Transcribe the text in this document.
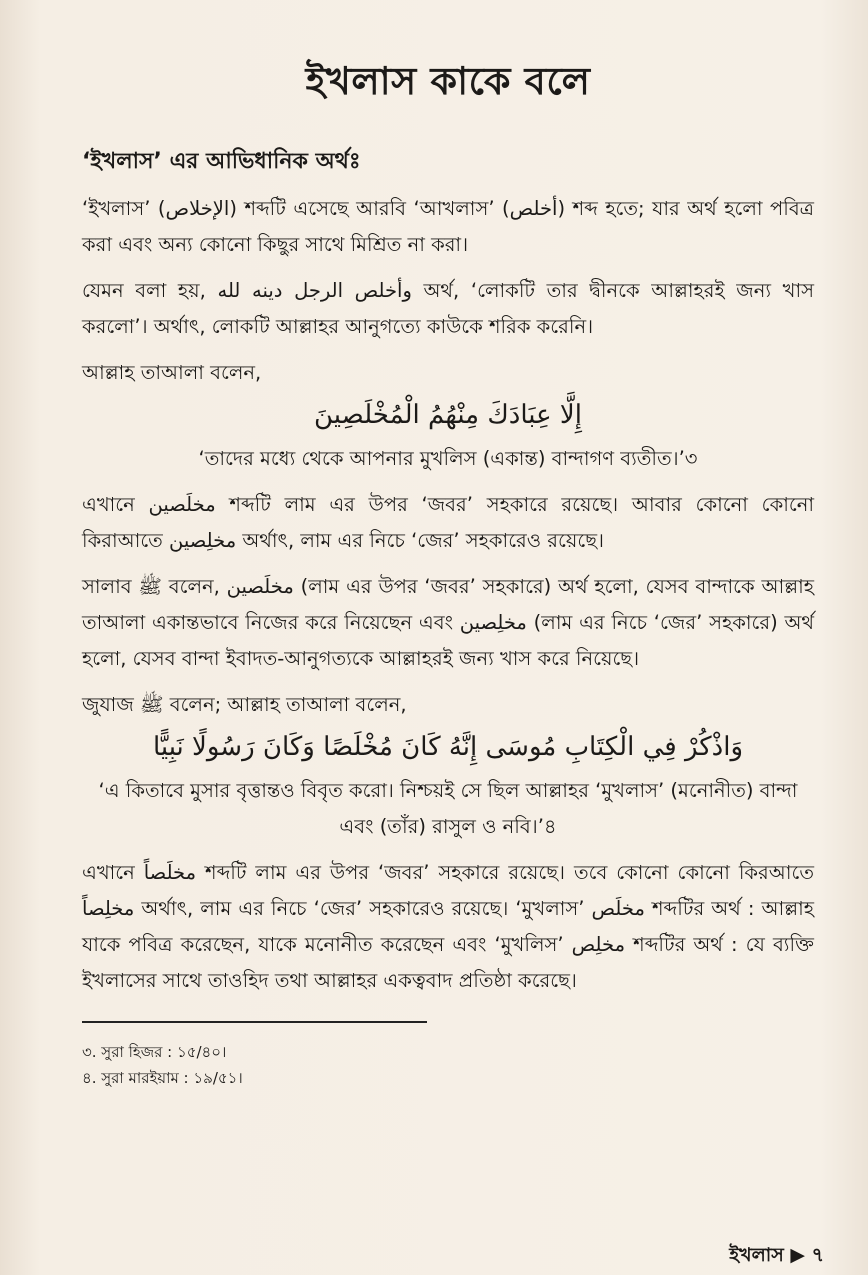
ইখলাস কাকে বলে
‘ইখলাস’ এর আভিধানিক অর্থঃ

‘ইখলাস’ (الإخلاص) শব্দটি এসেছে আরবি ‘আখলাস’ (أخلص) শব্দ হতে; যার অর্থ হলো পবিত্র করা এবং অন্য কোনো কিছুর সাথে মিশ্রিত না করা।

যেমন বলা হয়, وأخلص الرجل دينه لله অর্থ, ‘লোকটি তার দ্বীনকে আল্লাহরই জন্য খাস করলো’। অর্থাৎ, লোকটি আল্লাহর আনুগত্যে কাউকে শরিক করেনি।

আল্লাহ তাআলা বলেন,

إِلَّا عِبَادَكَ مِنْهُمُ الْمُخْلَصِينَ

‘তাদের মধ্যে থেকে আপনার মুখলিস (একান্ত) বান্দাগণ ব্যতীত।’৩

এখানে مخلَصين শব্দটি লাম এর উপর ‘জবর’ সহকারে রয়েছে। আবার কোনো কোনো কিরাআতে مخلِصين অর্থাৎ, লাম এর নিচে ‘জের’ সহকারেও রয়েছে।

সালাব ﷺ বলেন, مخلَصين (লাম এর উপর ‘জবর’ সহকারে) অর্থ হলো, যেসব বান্দাকে আল্লাহ তাআলা একান্তভাবে নিজের করে নিয়েছেন এবং مخلِصين (লাম এর নিচে ‘জের’ সহকারে) অর্থ হলো, যেসব বান্দা ইবাদত-আনুগত্যকে আল্লাহরই জন্য খাস করে নিয়েছে।

জুযাজ ﷺ বলেন; আল্লাহ তাআলা বলেন,

وَاذْكُرْ فِي الْكِتَابِ مُوسَى إِنَّهُ كَانَ مُخْلَصًا وَكَانَ رَسُولًا نَبِيًّا

‘এ কিতাবে মুসার বৃত্তান্তও বিবৃত করো। নিশ্চয়ই সে ছিল আল্লাহর ‘মুখলাস’ (মনোনীত) বান্দা এবং (তাঁর) রাসুল ও নবি।’৪

এখানে مخلَصاً শব্দটি লাম এর উপর ‘জবর’ সহকারে রয়েছে। তবে কোনো কোনো কিরআতে مخلِصاً অর্থাৎ, লাম এর নিচে ‘জের’ সহকারেও রয়েছে। ‘মুখলাস’ مخلَص শব্দটির অর্থ : আল্লাহ যাকে পবিত্র করেছেন, যাকে মনোনীত করেছেন এবং ‘মুখলিস’ مخلِص শব্দটির অর্থ : যে ব্যক্তি ইখলাসের সাথে তাওহিদ তথা আল্লাহর একত্ববাদ প্রতিষ্ঠা করেছে।

৩. সুরা হিজর : ১৫/৪০।

৪. সুরা মারইয়াম : ১৯/৫১।

ইখলাস ▶ ৭
